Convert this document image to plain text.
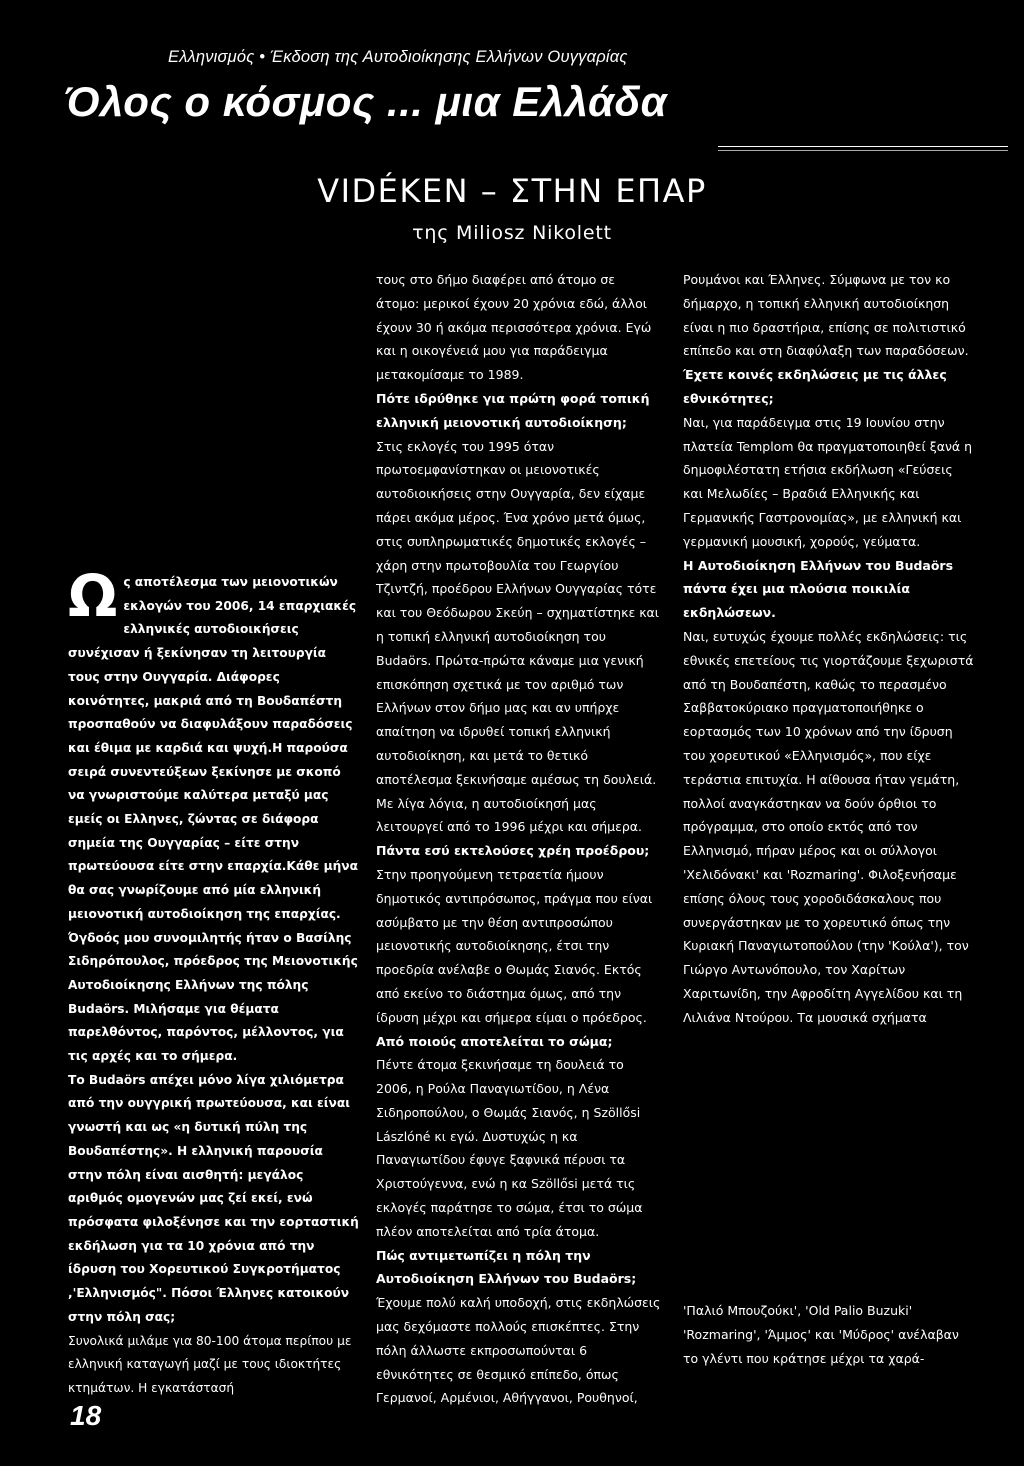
Ελληνισμός • Έκδοση της Αυτοδιοίκησης Ελλήνων Ουγγαρίας
Όλος ο κόσμος ... μια Ελλάδα
VIDÉKEN – ΣΤΗΝ ΕΠΑΡ
της Miliosz Nikolett

Ως αποτέλεσμα των μειονοτικών εκλογών του 2006, 14 επαρχιακές ελληνικές αυτοδιοικήσεις συνέχισαν ή ξεκίνησαν τη λειτουργία τους στην Ουγγαρία. Διάφορες κοινότητες, μακριά από τη Βουδαπέστη προσπαθούν να διαφυλάξουν παραδόσεις και έθιμα με καρδιά και ψυχή.Η παρούσα σειρά συνεντεύξεων ξεκίνησε με σκοπό να γνωριστούμε καλύτερα μεταξύ μας εμείς οι Ελληνες, ζώντας σε διάφορα σημεία της Ουγγαρίας – είτε στην πρωτεύουσα είτε στην επαρχία.Κάθε μήνα θα σας γνωρίζουμε από μία ελληνική μειονοτική αυτοδιοίκηση της επαρχίας. Όγδοός μου συνομιλητής ήταν ο Βασίλης Σιδηρόπουλος, πρόεδρος της Μειονοτικής Αυτοδιοίκησης Ελλήνων της πόλης Budaörs. Μιλήσαμε για θέματα παρελθόντος, παρόντος, μέλλοντος, για τις αρχές και το σήμερα.

Το Budaörs απέχει μόνο λίγα χιλιόμετρα από την ουγγρική πρωτεύουσα, και είναι γνωστή και ως «η δυτική πύλη της Βουδαπέστης». Η ελληνική παρουσία στην πόλη είναι αισθητή: μεγάλος αριθμός ομογενών μας ζεί εκεί, ενώ πρόσφατα φιλοξένησε και την εορταστική εκδήλωση για τα 10 χρόνια από την ίδρυση του Χορευτικού Συγκροτήματος ,'Ελληνισμός". Πόσοι Έλληνες κατοικούν στην πόλη σας;

Συνολικά μιλάμε για 80-100 άτομα περίπου με ελληνική καταγωγή μαζί με τους ιδιοκτήτες κτημάτων. Η εγκατάστασή

τους στο δήμο διαφέρει από άτομο σε άτομο: μερικοί έχουν 20 χρόνια εδώ, άλλοι έχουν 30 ή ακόμα περισσότερα χρόνια. Εγώ και η οικογένειά μου για παράδειγμα μετακομίσαμε το 1989.

Πότε ιδρύθηκε για πρώτη φορά τοπική ελληνική μειονοτική αυτοδιοίκηση;

Στις εκλογές του 1995 όταν πρωτοεμφανίστηκαν οι μειονοτικές αυτοδιοικήσεις στην Ουγγαρία, δεν είχαμε πάρει ακόμα μέρος. Ένα χρόνο μετά όμως, στις συπληρωματικές δημοτικές εκλογές – χάρη στην πρωτοβουλία του Γεωργίου Τζιντζή, προέδρου Ελλήνων Ουγγαρίας τότε και του Θεόδωρου Σκεύη – σχηματίστηκε και η τοπική ελληνική αυτοδιοίκηση του Budaörs. Πρώτα-πρώτα κάναμε μια γενική επισκόπηση σχετικά με τον αριθμό των Ελλήνων στον δήμο μας και αν υπήρχε απαίτηση να ιδρυθεί τοπική ελληνική αυτοδιοίκηση, και μετά το θετικό αποτέλεσμα ξεκινήσαμε αμέσως τη δουλειά. Με λίγα λόγια, η αυτοδιοίκησή μας λειτουργεί από το 1996 μέχρι και σήμερα.

Πάντα εσύ εκτελούσες χρέη προέδρου;

Στην προηγούμενη τετραετία ήμουν δημοτικός αντιπρόσωπος, πράγμα που είναι ασύμβατο με την θέση αντιπροσώπου μειονοτικής αυτοδιοίκησης, έτσι την προεδρία ανέλαβε ο Θωμάς Σιανός. Εκτός από εκείνο το διάστημα όμως, από την ίδρυση μέχρι και σήμερα είμαι ο πρόεδρος.

Από ποιούς αποτελείται το σώμα;

Πέντε άτομα ξεκινήσαμε τη δουλειά το 2006, η Ρούλα Παναγιωτίδου, η Λένα Σιδηροπούλου, ο Θωμάς Σιανός, η Szöllősi Lászlóné κι εγώ. Δυστυχώς η κα Παναγιωτίδου έφυγε ξαφνικά πέρυσι τα Χριστούγεννα, ενώ η κα Szöllősi μετά τις εκλογές παράτησε το σώμα, έτσι το σώμα πλέον αποτελείται από τρία άτομα.

Πώς αντιμετωπίζει η πόλη την Αυτοδιοίκηση Ελλήνων του Budaörs;

Έχουμε πολύ καλή υποδοχή, στις εκδηλώσεις μας δεχόμαστε πολλούς επισκέπτες. Στην πόλη άλλωστε εκπροσωπούνται 6 εθνικότητες σε θεσμικό επίπεδο, όπως Γερμανοί, Αρμένιοι, Αθήγγανοι, Ρουθηνοί,

Ρουμάνοι και Έλληνες. Σύμφωνα με τον κο δήμαρχο, η τοπική ελληνική αυτοδιοίκηση είναι η πιο δραστήρια, επίσης σε πολιτιστικό επίπεδο και στη διαφύλαξη των παραδόσεων.

Έχετε κοινές εκδηλώσεις με τις άλλες εθνικότητες;

Ναι, για παράδειγμα στις 19 Ιουνίου στην πλατεία Templom θα πραγματοποιηθεί ξανά η δημοφιλέστατη ετήσια εκδήλωση «Γεύσεις και Μελωδίες – Βραδιά Ελληνικής και Γερμανικής Γαστρονομίας», με ελληνική και γερμανική μουσική, χορούς, γεύματα.

Η Αυτοδιοίκηση Ελλήνων του Budaörs πάντα έχει μια πλούσια ποικιλία εκδηλώσεων.

Ναι, ευτυχώς έχουμε πολλές εκδηλώσεις: τις εθνικές επετείους τις γιορτάζουμε ξεχωριστά από τη Βουδαπέστη, καθώς το περασμένο Σαββατοκύριακο πραγματοποιήθηκε ο εορτασμός των 10 χρόνων από την ίδρυση του χορευτικού «Ελληνισμός», που είχε τεράστια επιτυχία. Η αίθουσα ήταν γεμάτη, πολλοί αναγκάστηκαν να δούν όρθιοι το πρόγραμμα, στο οποίο εκτός από τον Ελληνισμό, πήραν μέρος και οι σύλλογοι 'Χελιδόνακι' και 'Rozmaring'. Φιλοξενήσαμε επίσης όλους τους χοροδιδάσκαλους που συνεργάστηκαν με το χορευτικό όπως την Κυριακή Παναγιωτοπούλου (την 'Κούλα'), τον Γιώργο Αντωνόπουλο, τον Χαρίτων Χαριτωνίδη, την Αφροδίτη Αγγελίδου και τη Λιλιάνα Ντούρου. Τα μουσικά σχήματα

'Παλιό Μπουζούκι', 'Old Palio Buzuki' 'Rozmaring', 'Άμμος' και 'Μύδρος' ανέλαβαν το γλέντι που κράτησε μέχρι τα χαρά-

18
